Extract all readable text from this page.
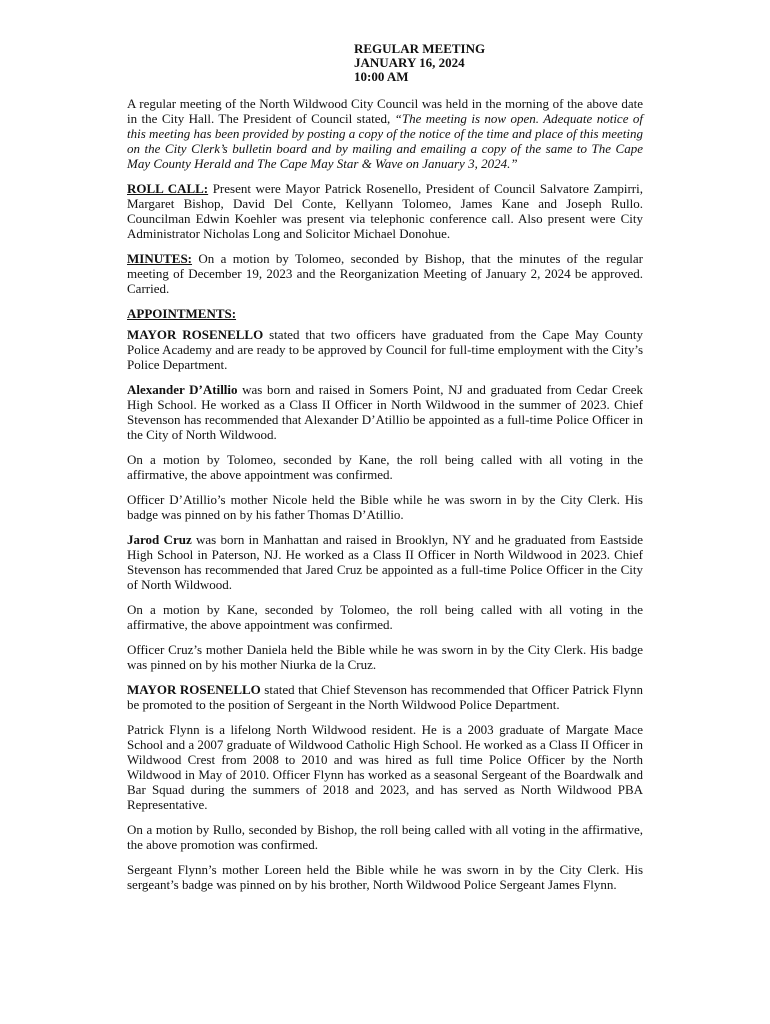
REGULAR MEETING
JANUARY 16, 2024
10:00 AM

A regular meeting of the North Wildwood City Council was held in the morning of the above date in the City Hall. The President of Council stated, “The meeting is now open. Adequate notice of this meeting has been provided by posting a copy of the notice of the time and place of this meeting on the City Clerk’s bulletin board and by mailing and emailing a copy of the same to The Cape May County Herald and The Cape May Star & Wave on January 3, 2024.”

ROLL CALL: Present were Mayor Patrick Rosenello, President of Council Salvatore Zampirri, Margaret Bishop, David Del Conte, Kellyann Tolomeo, James Kane and Joseph Rullo. Councilman Edwin Koehler was present via telephonic conference call. Also present were City Administrator Nicholas Long and Solicitor Michael Donohue.

MINUTES: On a motion by Tolomeo, seconded by Bishop, that the minutes of the regular meeting of December 19, 2023 and the Reorganization Meeting of January 2, 2024 be approved. Carried.

APPOINTMENTS:

MAYOR ROSENELLO stated that two officers have graduated from the Cape May County Police Academy and are ready to be approved by Council for full-time employment with the City’s Police Department.

Alexander D’Atillio was born and raised in Somers Point, NJ and graduated from Cedar Creek High School. He worked as a Class II Officer in North Wildwood in the summer of 2023. Chief Stevenson has recommended that Alexander D’Atillio be appointed as a full-time Police Officer in the City of North Wildwood.

On a motion by Tolomeo, seconded by Kane, the roll being called with all voting in the affirmative, the above appointment was confirmed.

Officer D’Atillio’s mother Nicole held the Bible while he was sworn in by the City Clerk. His badge was pinned on by his father Thomas D’Atillio.

Jarod Cruz was born in Manhattan and raised in Brooklyn, NY and he graduated from Eastside High School in Paterson, NJ. He worked as a Class II Officer in North Wildwood in 2023. Chief Stevenson has recommended that Jared Cruz be appointed as a full-time Police Officer in the City of North Wildwood.

On a motion by Kane, seconded by Tolomeo, the roll being called with all voting in the affirmative, the above appointment was confirmed.

Officer Cruz’s mother Daniela held the Bible while he was sworn in by the City Clerk. His badge was pinned on by his mother Niurka de la Cruz.

MAYOR ROSENELLO stated that Chief Stevenson has recommended that Officer Patrick Flynn be promoted to the position of Sergeant in the North Wildwood Police Department.

Patrick Flynn is a lifelong North Wildwood resident. He is a 2003 graduate of Margate Mace School and a 2007 graduate of Wildwood Catholic High School. He worked as a Class II Officer in Wildwood Crest from 2008 to 2010 and was hired as full time Police Officer by the North Wildwood in May of 2010. Officer Flynn has worked as a seasonal Sergeant of the Boardwalk and Bar Squad during the summers of 2018 and 2023, and has served as North Wildwood PBA Representative.

On a motion by Rullo, seconded by Bishop, the roll being called with all voting in the affirmative, the above promotion was confirmed.

Sergeant Flynn’s mother Loreen held the Bible while he was sworn in by the City Clerk. His sergeant’s badge was pinned on by his brother, North Wildwood Police Sergeant James Flynn.
